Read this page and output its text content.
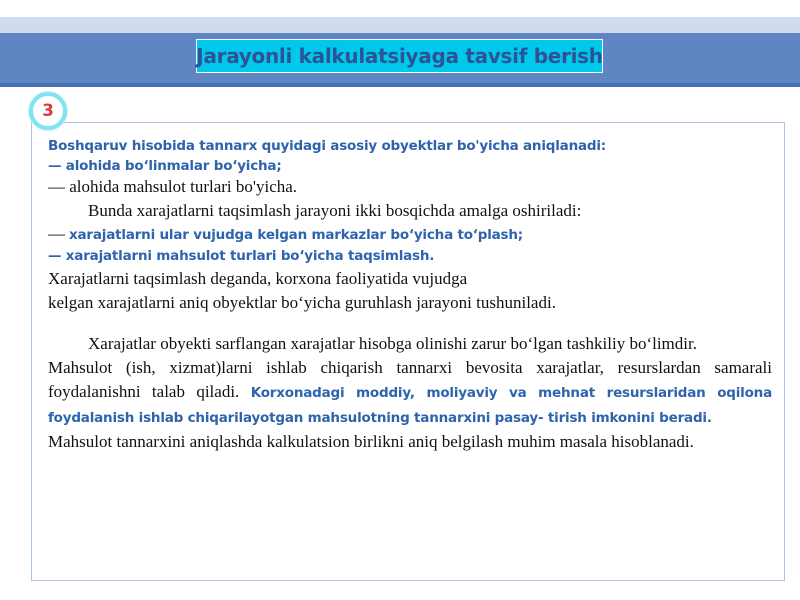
Jarayonli kalkulatsiyaga tavsif berish
3
Boshqaruv hisobida tannarx quyidagi asosiy obyektlar bo'yicha aniqlanadi:
— alohida bo‘linmalar bo‘yicha;
— alohida mahsulot turlari bo'yicha.
Bunda xarajatlarni taqsimlash jarayoni ikki bosqichda amalga oshiriladi:
— xarajatlarni ular vujudga kelgan markazlar bo‘yicha to‘plash;
— xarajatlarni mahsulot turlari bo‘yicha taqsimlash.
Xarajatlarni taqsimlash deganda, korxona faoliyatida vujudga
kelgan xarajatlarni aniq obyektlar bo‘yicha guruhlash jarayoni tushuniladi.
Xarajatlar obyekti sarflangan xarajatlar hisobga olinishi zarur bo‘lgan tashkiliy bo‘limdir.
Mahsulot (ish, xizmat)larni ishlab chiqarish tannarxi bevosita xarajatlar, resurslardan samarali foydalanishni talab qiladi. Korxonadagi moddiy, moliyaviy va mehnat resurslaridan oqilona foydalanish ishlab chiqarilayotgan mahsulotning tannarxini pasay- tirish imkonini beradi.
Mahsulot tannarxini aniqlashda kalkulatsion birlikni aniq belgilash muhim masala hisoblanadi.
